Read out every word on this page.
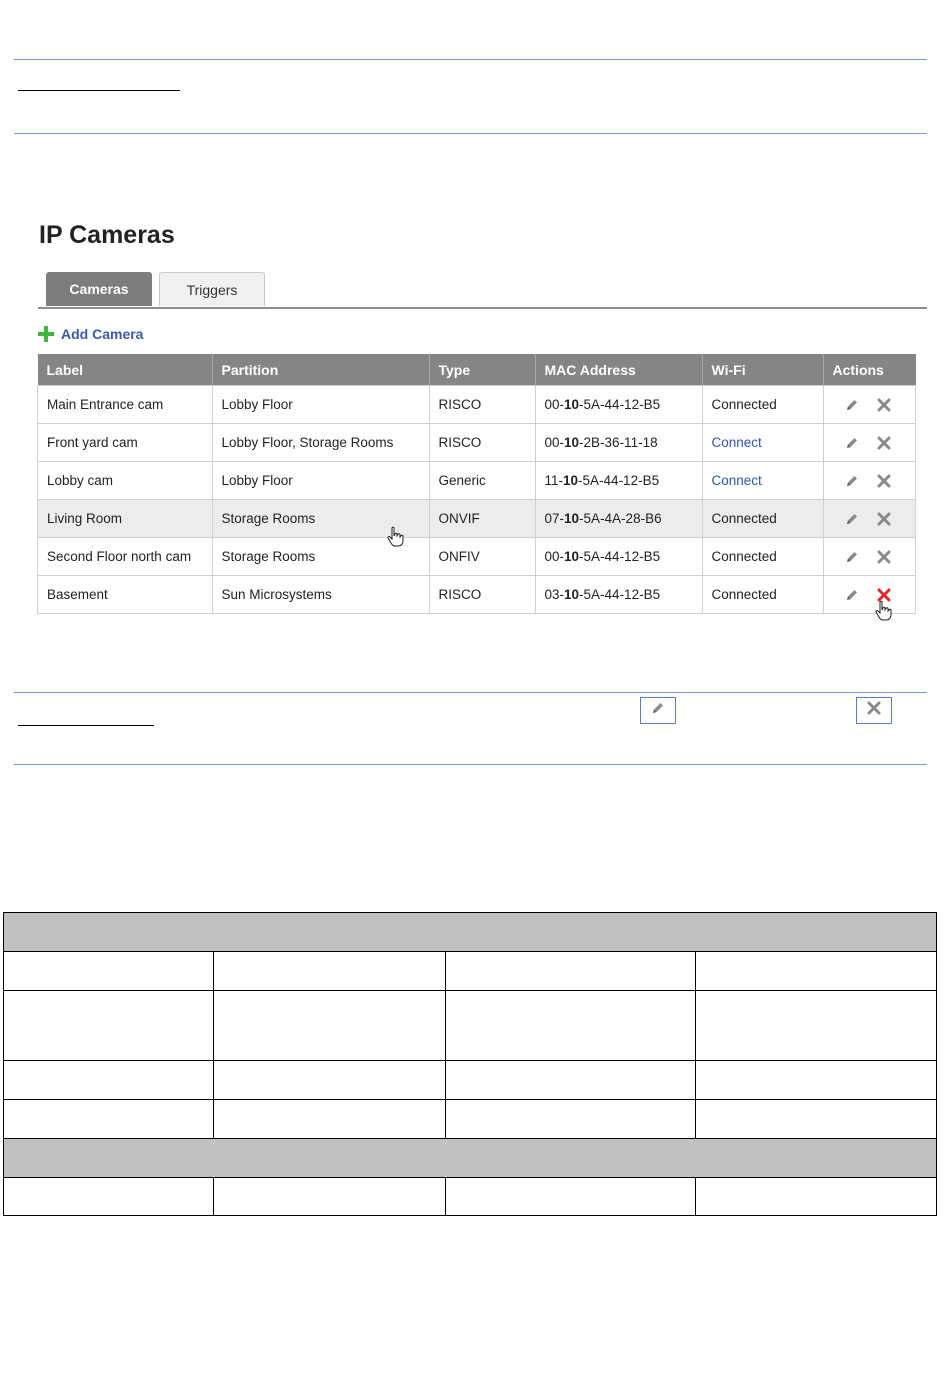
IP Cameras
Cameras	Triggers
Add Camera
Label	Partition	Type	MAC Address	Wi-Fi	Actions
Main Entrance cam	Lobby Floor	RISCO	00-10-5A-44-12-B5	Connected	

Front yard cam	Lobby Floor, Storage Rooms	RISCO	00-10-2B-36-11-18	Connect	

Lobby cam	Lobby Floor	Generic	11-10-5A-44-12-B5	Connect	

Living Room	Storage Rooms	ONVIF	07-10-5A-4A-28-B6	Connected	

Second Floor north cam	Storage Rooms	ONFIV	00-10-5A-44-12-B5	Connected	

Basement	Sun Microsystems	RISCO	03-10-5A-44-12-B5	Connected	
